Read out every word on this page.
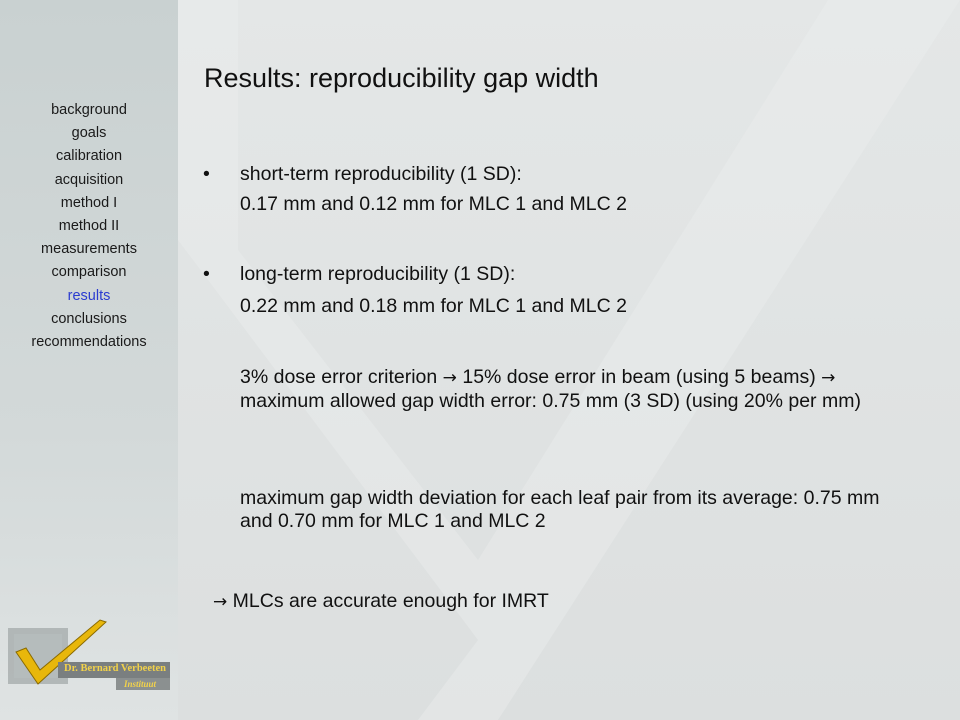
background
goals
calibration
acquisition
method I
method II
measurements
comparison
results
conclusions
recommendations
Results: reproducibility gap width
• short-term reproducibility (1 SD):
0.17 mm and 0.12 mm for MLC 1 and MLC 2
• long-term reproducibility (1 SD):
0.22 mm and 0.18 mm for MLC 1 and MLC 2
3% dose error criterion → 15% dose error in beam (using 5 beams) → maximum allowed gap width error: 0.75 mm (3 SD) (using 20% per mm)
maximum gap width deviation for each leaf pair from its average: 0.75 mm and 0.70 mm for MLC 1 and MLC 2
→ MLCs are accurate enough for IMRT
Dr. Bernard Verbeeten
Instituut
